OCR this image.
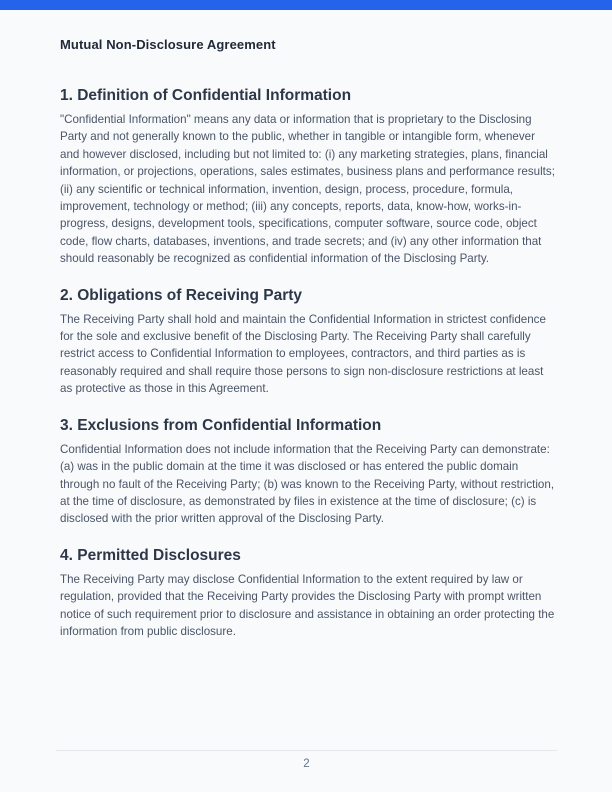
Mutual Non-Disclosure Agreement
1. Definition of Confidential Information

"Confidential Information" means any data or information that is proprietary to the Disclosing Party and not generally known to the public, whether in tangible or intangible form, whenever and however disclosed, including but not limited to: (i) any marketing strategies, plans, financial information, or projections, operations, sales estimates, business plans and performance results; (ii) any scientific or technical information, invention, design, process, procedure, formula, improvement, technology or method; (iii) any concepts, reports, data, know-how, works-in-progress, designs, development tools, specifications, computer software, source code, object code, flow charts, databases, inventions, and trade secrets; and (iv) any other information that should reasonably be recognized as confidential information of the Disclosing Party.

2. Obligations of Receiving Party

The Receiving Party shall hold and maintain the Confidential Information in strictest confidence for the sole and exclusive benefit of the Disclosing Party. The Receiving Party shall carefully restrict access to Confidential Information to employees, contractors, and third parties as is reasonably required and shall require those persons to sign non-disclosure restrictions at least as protective as those in this Agreement.

3. Exclusions from Confidential Information

Confidential Information does not include information that the Receiving Party can demonstrate: (a) was in the public domain at the time it was disclosed or has entered the public domain through no fault of the Receiving Party; (b) was known to the Receiving Party, without restriction, at the time of disclosure, as demonstrated by files in existence at the time of disclosure; (c) is disclosed with the prior written approval of the Disclosing Party.

4. Permitted Disclosures

The Receiving Party may disclose Confidential Information to the extent required by law or regulation, provided that the Receiving Party provides the Disclosing Party with prompt written notice of such requirement prior to disclosure and assistance in obtaining an order protecting the information from public disclosure.

2
